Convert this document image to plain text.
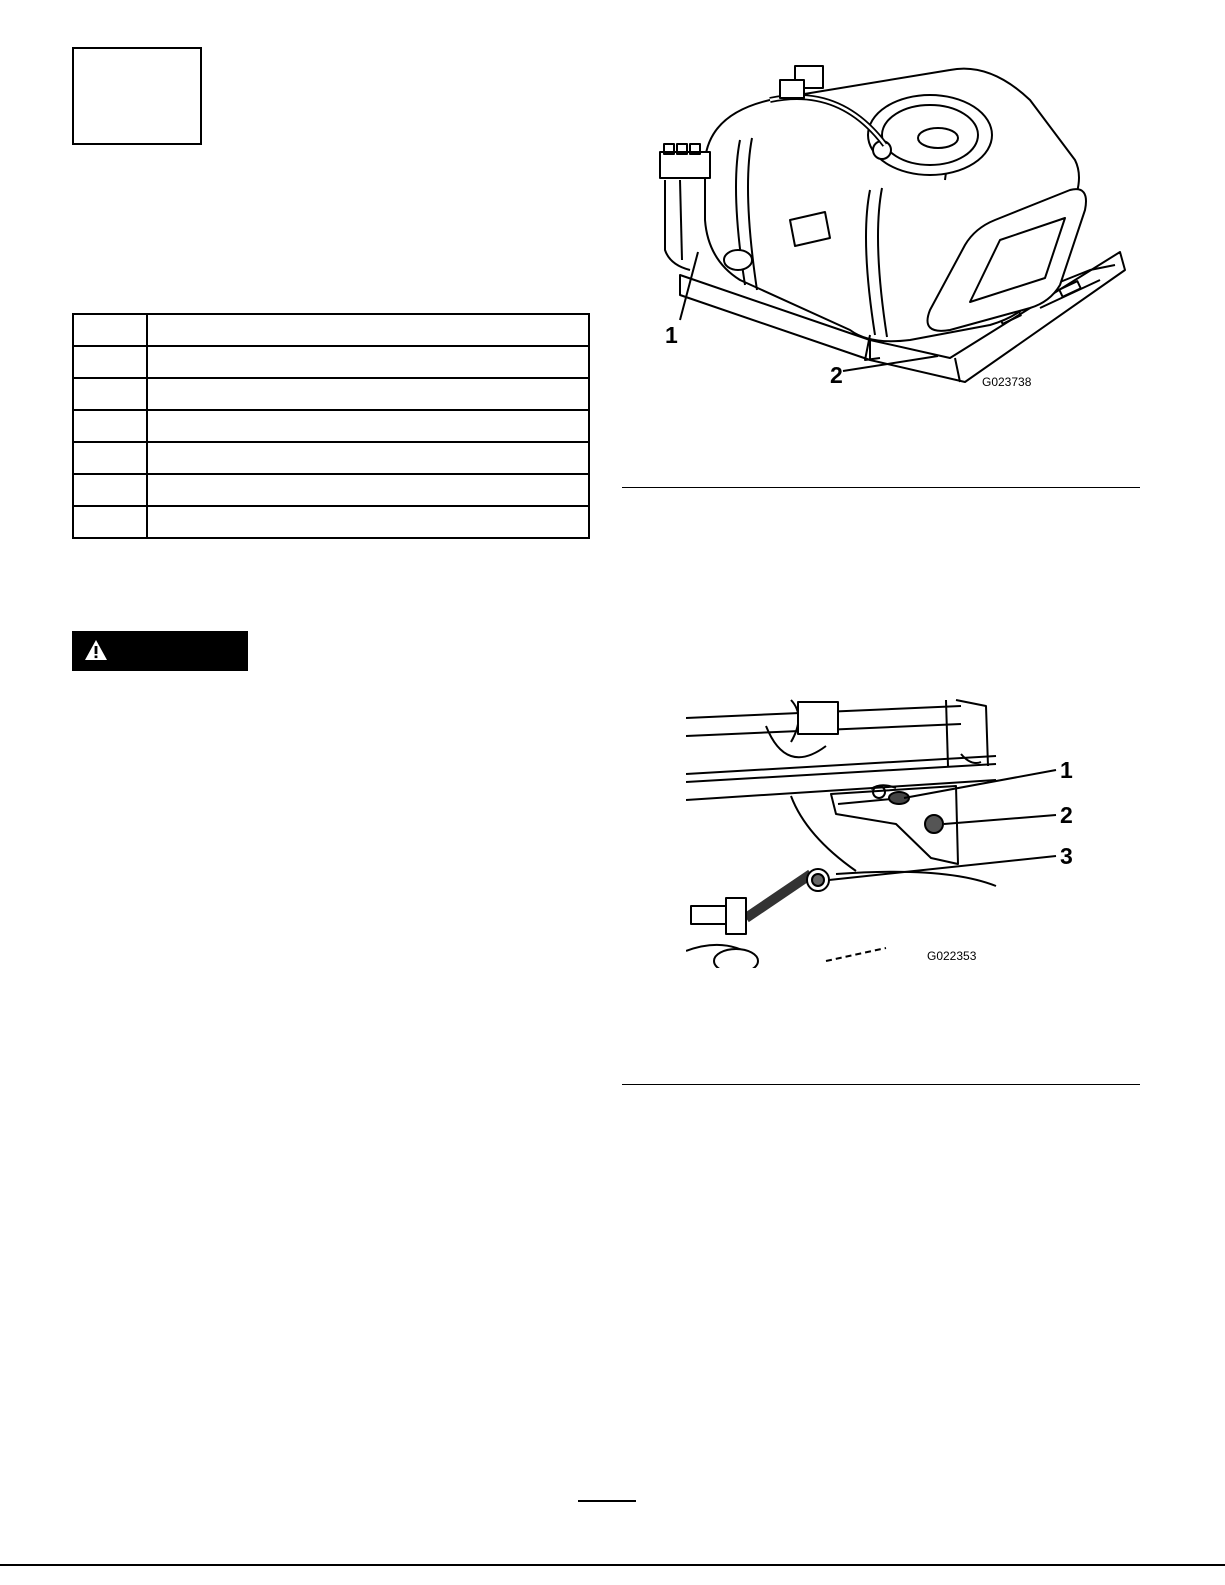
1
2	G023738
1
2
3
G022353
